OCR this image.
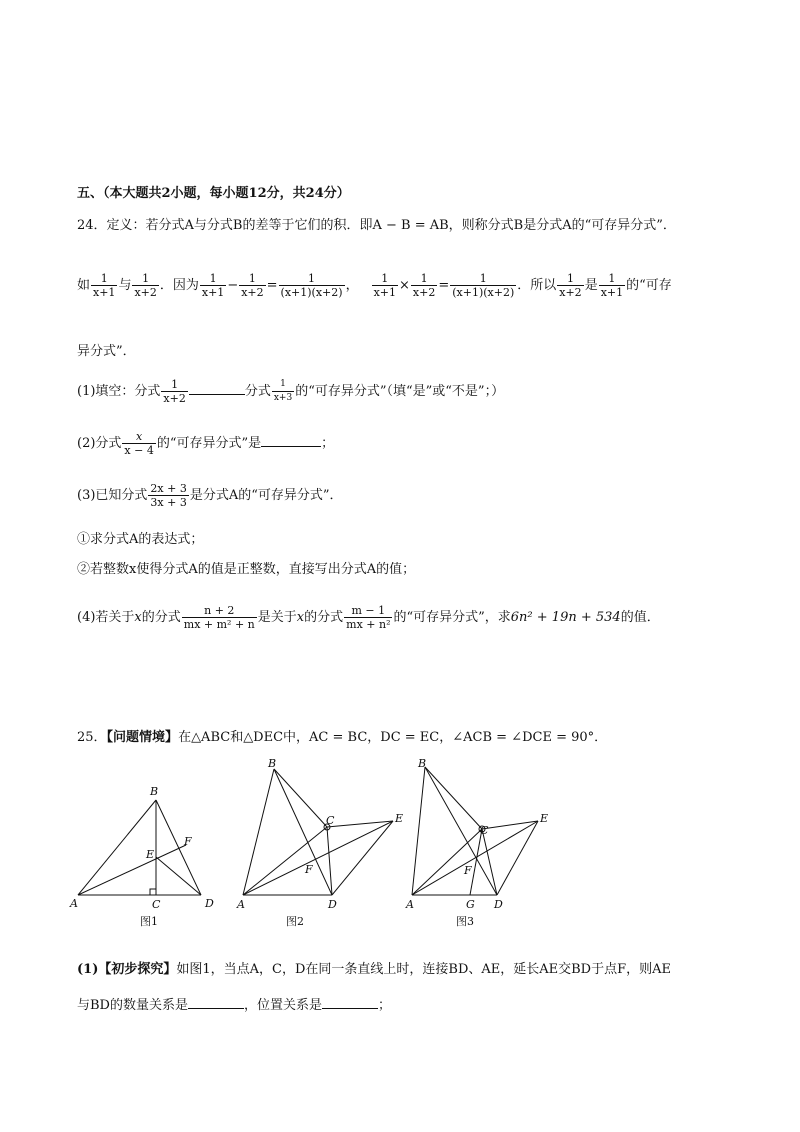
五、（本大题共2小题，每小题12分，共24分）
24．定义：若分式A与分式B的差等于它们的积．即A − B = AB，则称分式B是分式A的“可存异分式”．
如 $\frac{1}{x+1}$ 与 $\frac{1}{x+2}$ ．因为 $\frac{1}{x+1} - \frac{1}{x+2} = \frac{1}{(x+1)(x+2)}$ ， $\frac{1}{x+1} \times \frac{1}{x+2} = \frac{1}{(x+1)(x+2)}$ ．所以 $\frac{1}{x+2}$ 是 $\frac{1}{x+1}$ 的“可存
异分式”．
(1)填空：分式 $\frac{1}{x+2}$	分式 $\frac{1}{x+3}$ 的“可存异分式”（填“是”或“不是”；）
(2)分式 $\frac{x}{x - 4}$ 的“可存异分式”是	；
(3)已知分式 $\frac{2x + 3}{3x + 3}$ 是分式A的“可存异分式”．
①求分式A的表达式；
②若整数x使得分式A的值是正整数，直接写出分式A的值；
(4)若关于x的分式 $\frac{n + 2}{\text{mx + m² + n}}$ 是关于x的分式 $\frac{m - 1}{\text{mx + n²}}$ 的“可存异分式”，求6n² + 19n + 534的值．
25．【问题情境】在△ABC和△DEC中，AC = BC，DC = EC，∠ACB = ∠DCE = 90°．
B
A	C	D
E
F
B
A
C
D
E
F
B
A
C
D
E
F
G
图1	图2	图3
(1)【初步探究】如图1，当点A，C，D在同一条直线上时，连接BD、AE，延长AE交BD于点F，则AE
与BD的数量关系是	，位置关系是	；
